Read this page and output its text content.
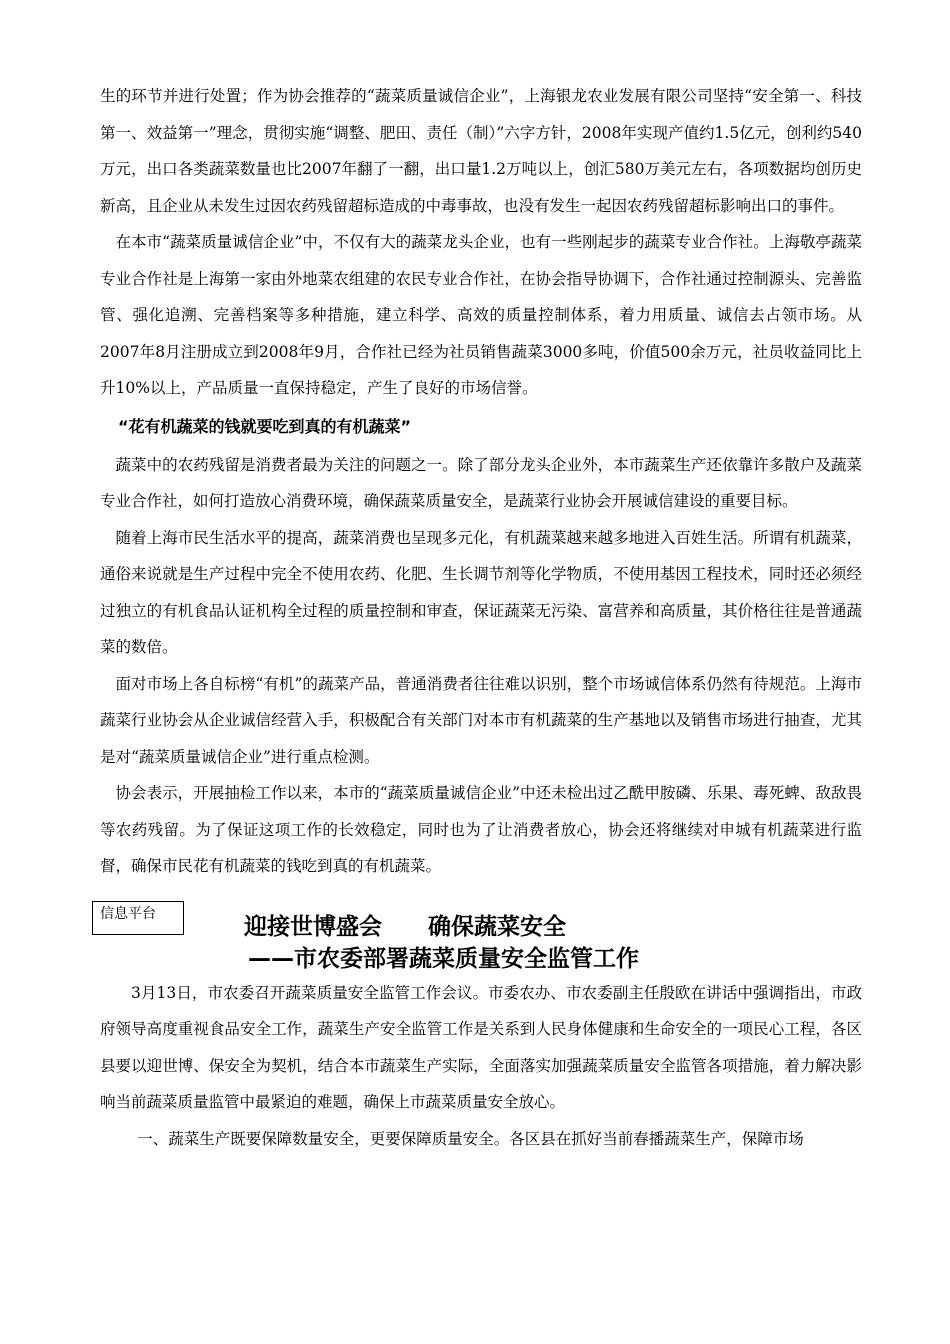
生的环节并进行处置；作为协会推荐的“蔬菜质量诚信企业”，上海银龙农业发展有限公司坚持“安全第一、科技第一、效益第一”理念，贯彻实施“调整、肥田、责任（制）”六字方针，2008年实现产值约1.5亿元，创利约540万元，出口各类蔬菜数量也比2007年翻了一翻，出口量1.2万吨以上，创汇580万美元左右，各项数据均创历史新高，且企业从未发生过因农药残留超标造成的中毒事故，也没有发生一起因农药残留超标影响出口的事件。

在本市“蔬菜质量诚信企业”中，不仅有大的蔬菜龙头企业，也有一些刚起步的蔬菜专业合作社。上海敬亭蔬菜专业合作社是上海第一家由外地菜农组建的农民专业合作社，在协会指导协调下，合作社通过控制源头、完善监管、强化追溯、完善档案等多种措施，建立科学、高效的质量控制体系，着力用质量、诚信去占领市场。从2007年8月注册成立到2008年9月，合作社已经为社员销售蔬菜3000多吨，价值500余万元，社员收益同比上升10%以上，产品质量一直保持稳定，产生了良好的市场信誉。

“花有机蔬菜的钱就要吃到真的有机蔬菜”

蔬菜中的农药残留是消费者最为关注的问题之一。除了部分龙头企业外，本市蔬菜生产还依靠许多散户及蔬菜专业合作社，如何打造放心消费环境，确保蔬菜质量安全，是蔬菜行业协会开展诚信建设的重要目标。

随着上海市民生活水平的提高，蔬菜消费也呈现多元化，有机蔬菜越来越多地进入百姓生活。所谓有机蔬菜，通俗来说就是生产过程中完全不使用农药、化肥、生长调节剂等化学物质，不使用基因工程技术，同时还必须经过独立的有机食品认证机构全过程的质量控制和审查，保证蔬菜无污染、富营养和高质量，其价格往往是普通蔬菜的数倍。

面对市场上各自标榜“有机”的蔬菜产品，普通消费者往往难以识别，整个市场诚信体系仍然有待规范。上海市蔬菜行业协会从企业诚信经营入手，积极配合有关部门对本市有机蔬菜的生产基地以及销售市场进行抽查，尤其是对“蔬菜质量诚信企业”进行重点检测。

协会表示，开展抽检工作以来，本市的“蔬菜质量诚信企业”中还未检出过乙酰甲胺磷、乐果、毒死蜱、敌敌畏等农药残留。为了保证这项工作的长效稳定，同时也为了让消费者放心，协会还将继续对申城有机蔬菜进行监督，确保市民花有机蔬菜的钱吃到真的有机蔬菜。

信息平台	迎接世博盛会　　确保蔬菜安全

——市农委部署蔬菜质量安全监管工作

3月13日，市农委召开蔬菜质量安全监管工作会议。市委农办、市农委副主任殷欧在讲话中强调指出，市政府领导高度重视食品安全工作，蔬菜生产安全监管工作是关系到人民身体健康和生命安全的一项民心工程，各区县要以迎世博、保安全为契机，结合本市蔬菜生产实际，全面落实加强蔬菜质量安全监管各项措施，着力解决影响当前蔬菜质量监管中最紧迫的难题，确保上市蔬菜质量安全放心。

一、蔬菜生产既要保障数量安全，更要保障质量安全。各区县在抓好当前春播蔬菜生产，保障市场
